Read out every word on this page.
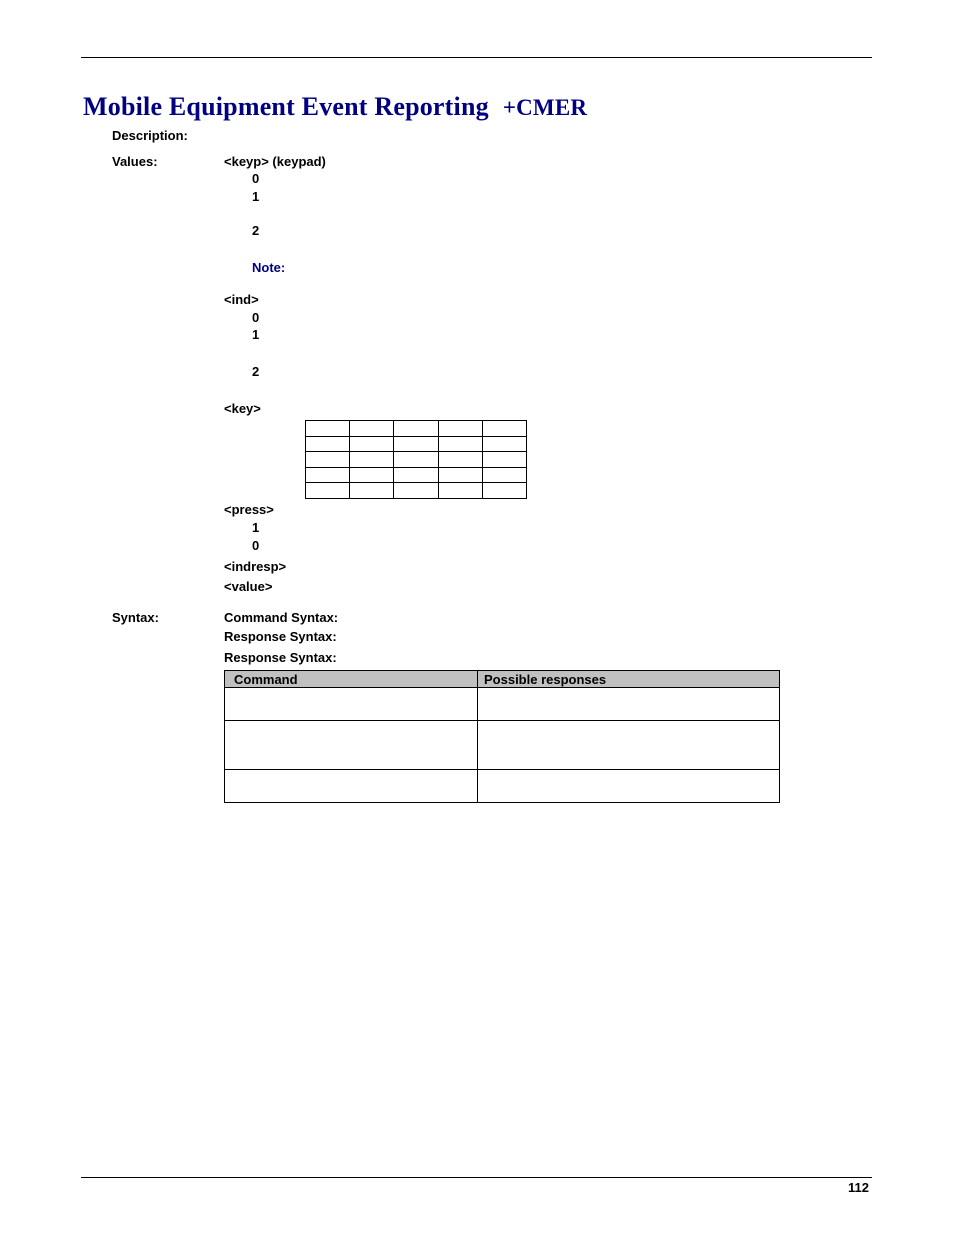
Mobile Equipment Event Reporting +CMER
Description:
Values:	<keyp> (keypad)
0
1
2
Note:
<ind>
0
1
2
<key>

<press>
1
0
<indresp>
<value>
Syntax:	Command Syntax:
Response Syntax:
Response Syntax:
Command	Possible responses

112
